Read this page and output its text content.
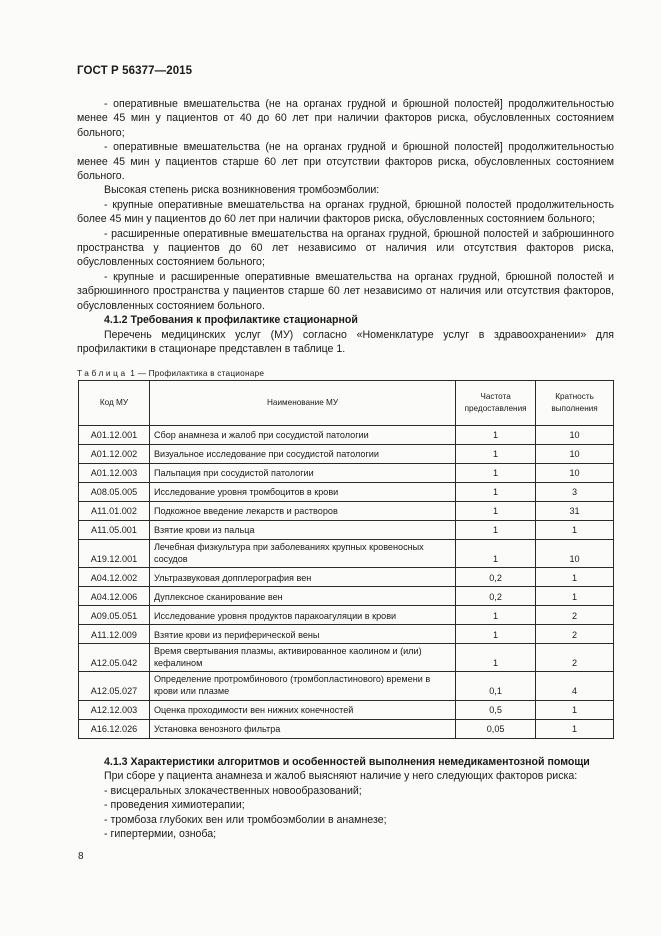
ГОСТ Р 56377—2015

- оперативные вмешательства (не на органах грудной и брюшной полостей] продолжительностью менее 45 мин у пациентов от 40 до 60 лет при наличии факторов риска, обусловленных состоянием больного;

- оперативные вмешательства (не на органах грудной и брюшной полостей] продолжительностью менее 45 мин у пациентов старше 60 лет при отсутствии факторов риска, обусловленных состоянием больного.

Высокая степень риска возникновения тромбоэмболии:

- крупные оперативные вмешательства на органах грудной, брюшной полостей продолжительность более 45 мин у пациентов до 60 лет при наличии факторов риска, обусловленных состоянием больного;

- расширенные оперативные вмешательства на органах грудной, брюшной полостей и забрюшинного пространства у пациентов до 60 лет независимо от наличия или отсутствия факторов риска, обусловленных состоянием больного;

- крупные и расширенные оперативные вмешательства на органах грудной, брюшной полостей и забрюшинного пространства у пациентов старше 60 лет независимо от наличия или отсутствия факторов, обусловленных состоянием больного.

4.1.2 Требования к профилактике стационарной

Перечень медицинских услуг (МУ) согласно «Номенклатуре услуг в здравоохранении» для профилактики в стационаре представлен в таблице 1.

Таблица 1 — Профилактика в стационаре
Код МУ	Наименование МУ	Частота предоставления	Кратность выполнения
А01.12.001	Сбор анамнеза и жалоб при сосудистой патологии	1	10
А01.12.002	Визуальное исследование при сосудистой патологии	1	10
А01.12.003	Пальпация при сосудистой патологии	1	10
А08.05.005	Исследование уровня тромбоцитов в крови	1	3
А11.01.002	Подкожное введение лекарств и растворов	1	31
А11.05.001	Взятие крови из пальца	1	1
А19.12.001	Лечебная физкультура при заболеваниях крупных кровеносных сосудов	1	10
А04.12.002	Ультразвуковая допплерография вен	0,2	1
А04.12.006	Дуплексное сканирование вен	0,2	1
А09.05.051	Исследование уровня продуктов паракоагуляции в крови	1	2
А11.12.009	Взятие крови из периферической вены	1	2
А12.05.042	Время свертывания плазмы, активированное каолином и (или) кефалином	1	2
А12.05.027	Определение протромбинового (тромбопластинового) времени в крови или плазме	0,1	4
А12.12.003	Оценка проходимости вен нижних конечностей	0,5	1
А16.12.026	Установка венозного фильтра	0,05	1

4.1.3 Характеристики алгоритмов и особенностей выполнения немедикаментозной помощи

При сборе у пациента анамнеза и жалоб выясняют наличие у него следующих факторов риска:

- висцеральных злокачественных новообразований;

- проведения химиотерапии;

- тромбоза глубоких вен или тромбоэмболии в анамнезе;

- гипертермии, озноба;

8
